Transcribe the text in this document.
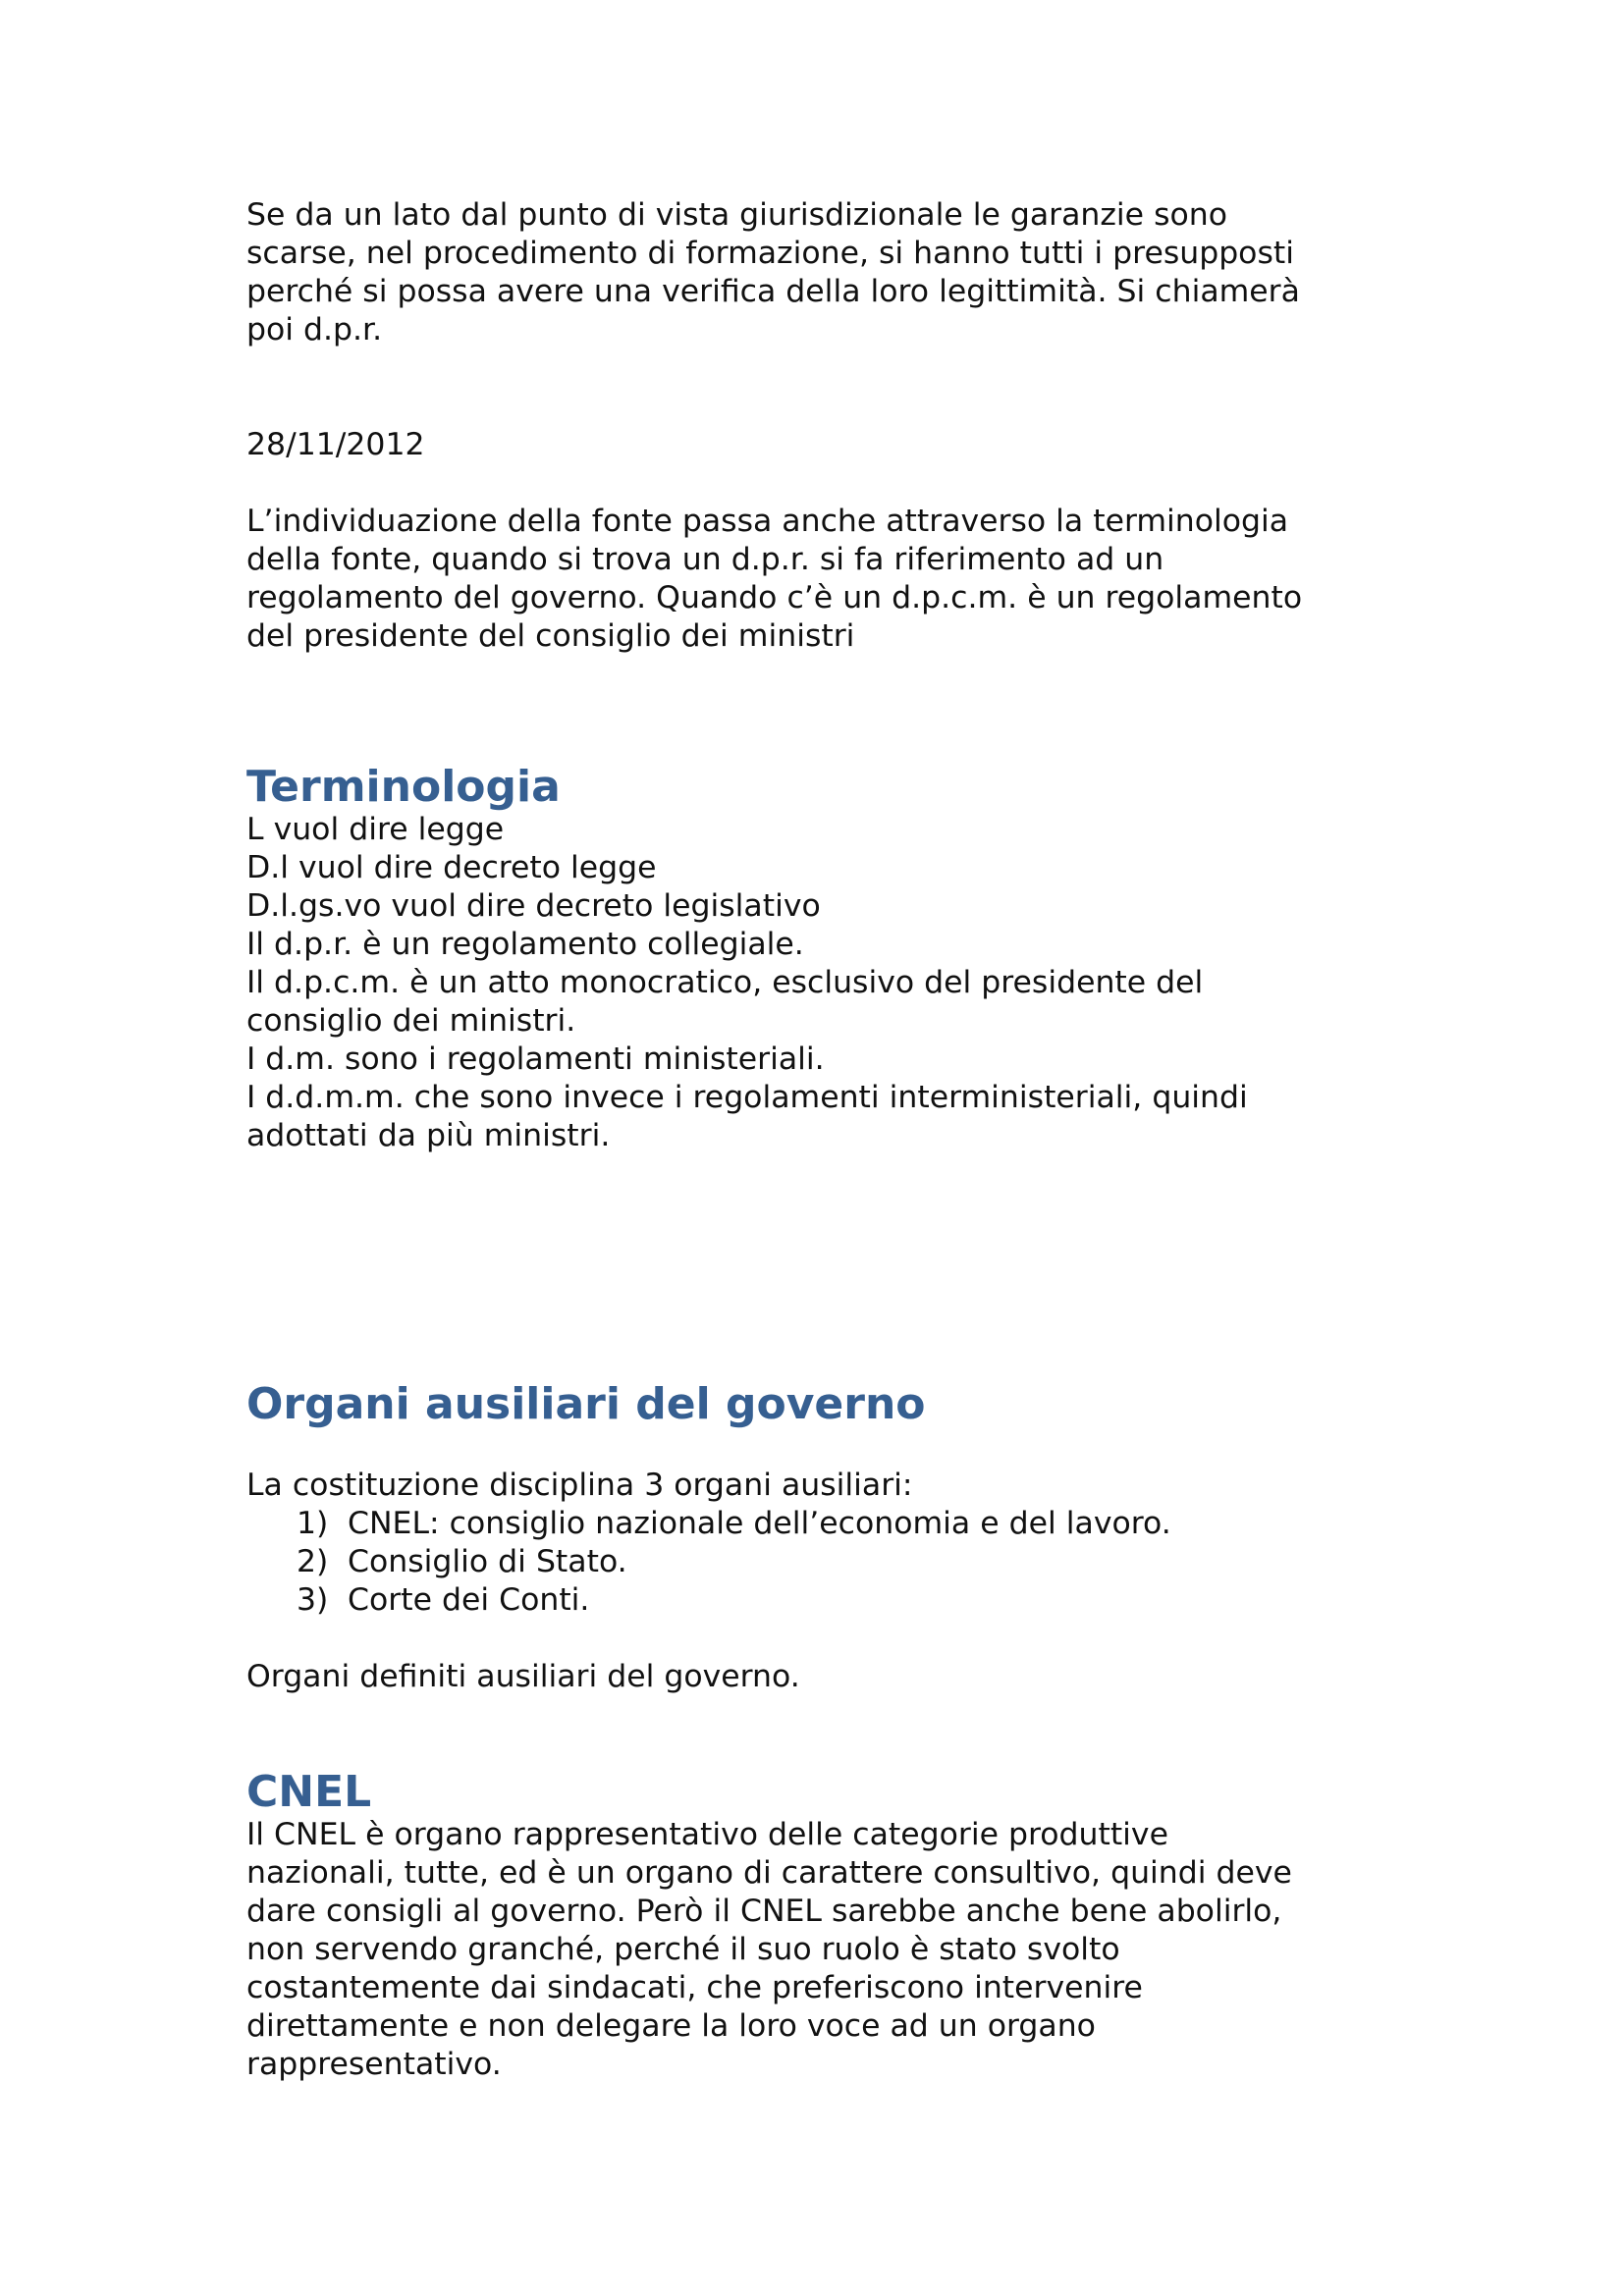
Se da un lato dal punto di vista giurisdizionale le garanzie sono
scarse, nel procedimento di formazione, si hanno tutti i presupposti
perché si possa avere una verifica della loro legittimità. Si chiamerà
poi d.p.r.
28/11/2012
L’individuazione della fonte passa anche attraverso la terminologia
della fonte, quando si trova un d.p.r. si fa riferimento ad un
regolamento del governo. Quando c’è un d.p.c.m. è un regolamento
del presidente del consiglio dei ministri
Terminologia
L vuol dire legge
D.l vuol dire decreto legge
D.l.gs.vo vuol dire decreto legislativo
Il d.p.r. è un regolamento collegiale.
Il d.p.c.m. è un atto monocratico, esclusivo del presidente del
consiglio dei ministri.
I d.m. sono i regolamenti ministeriali.
I d.d.m.m. che sono invece i regolamenti interministeriali, quindi
adottati da più ministri.
Organi ausiliari del governo
La costituzione disciplina 3 organi ausiliari:
1) CNEL: consiglio nazionale dell’economia e del lavoro.
2) Consiglio di Stato.
3) Corte dei Conti.
Organi definiti ausiliari del governo.
CNEL
Il CNEL è organo rappresentativo delle categorie produttive
nazionali, tutte, ed è un organo di carattere consultivo, quindi deve
dare consigli al governo. Però il CNEL sarebbe anche bene abolirlo,
non servendo granché, perché il suo ruolo è stato svolto
costantemente dai sindacati, che preferiscono intervenire
direttamente e non delegare la loro voce ad un organo
rappresentativo.
